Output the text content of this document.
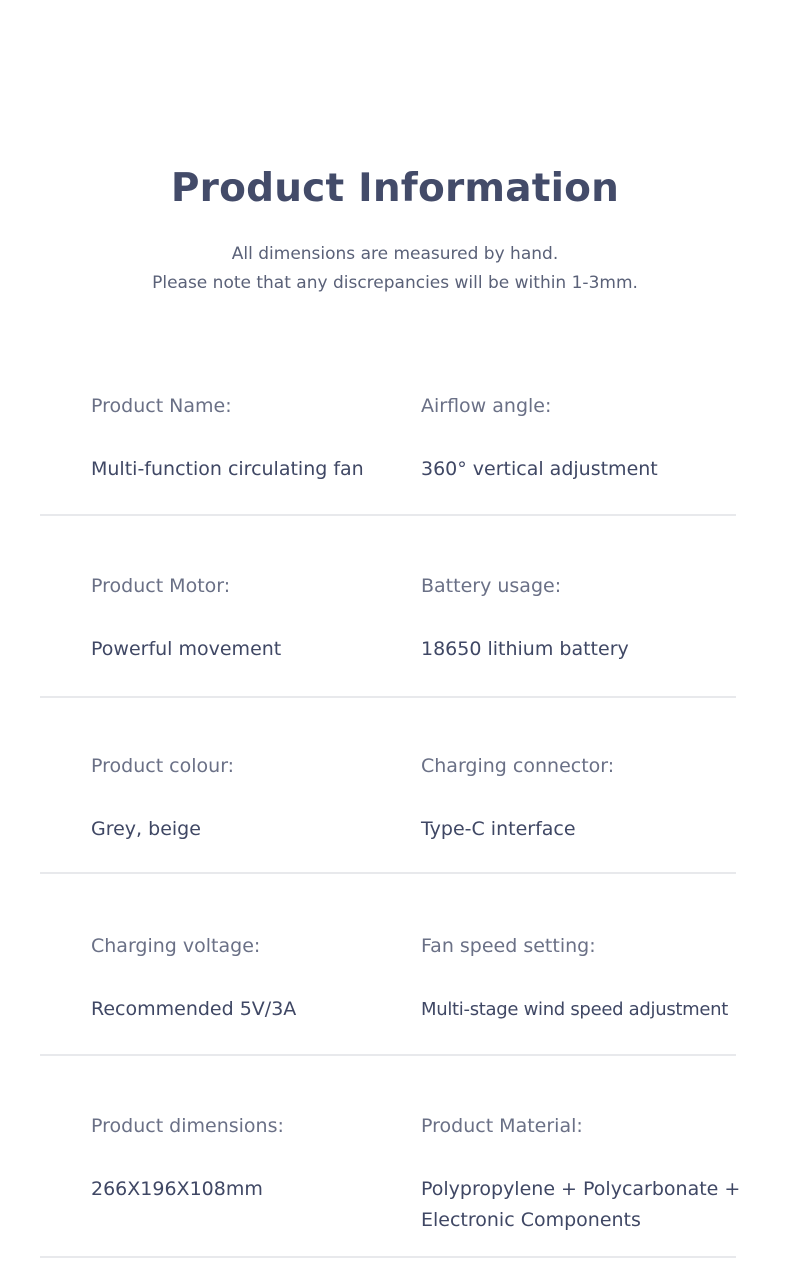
Product Information
All dimensions are measured by hand.
Please note that any discrepancies will be within 1-3mm.
Product Name:
Multi-function circulating fan
Airflow angle:
360° vertical adjustment
Product Motor:
Powerful movement
Battery usage:
18650 lithium battery
Product colour:
Grey, beige
Charging connector:
Type-C interface
Charging voltage:
Recommended 5V/3A
Fan speed setting:
Multi-stage wind speed adjustment
Product dimensions:
266X196X108mm
Product Material:
Polypropylene + Polycarbonate + Electronic Components
